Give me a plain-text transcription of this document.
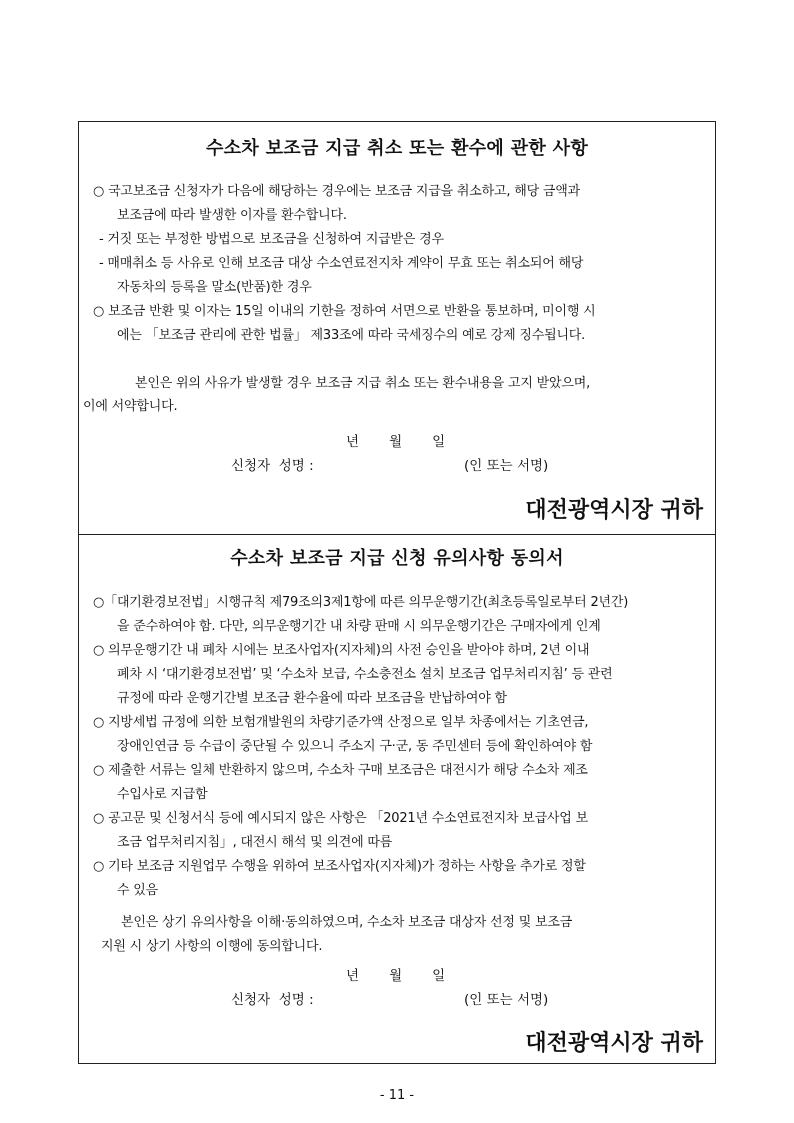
수소차 보조금 지급 취소 또는 환수에 관한 사항
○ 국고보조금 신청자가 다음에 해당하는 경우에는 보조금 지급을 취소하고, 해당 금액과
보조금에 따라 발생한 이자를 환수합니다.
- 거짓 또는 부정한 방법으로 보조금을 신청하여 지급받은 경우
- 매매취소 등 사유로 인해 보조금 대상 수소연료전지차 계약이 무효 또는 취소되어 해당
자동차의 등록을 말소(반품)한 경우
○ 보조금 반환 및 이자는 15일 이내의 기한을 정하여 서면으로 반환을 통보하며, 미이행 시
에는 「보조금 관리에 관한 법률」 제33조에 따라 국세징수의 예로 강제 징수됩니다.
본인은 위의 사유가 발생할 경우 보조금 지급 취소 또는 환수내용을 고지 받았으며,
이에 서약합니다.
년       월       일
신청자  성명 :	(인 또는 서명)
대전광역시장 귀하
수소차 보조금 지급 신청 유의사항 동의서
○「대기환경보전법」시행규칙 제79조의3제1항에 따른 의무운행기간(최초등록일로부터 2년간)
을 준수하여야 함. 다만, 의무운행기간 내 차량 판매 시 의무운행기간은 구매자에게 인계
○ 의무운행기간 내 폐차 시에는 보조사업자(지자체)의 사전 승인을 받아야 하며, 2년 이내
폐차 시 ‘대기환경보전법’ 및 ‘수소차 보급, 수소충전소 설치 보조금 업무처리지침’ 등 관련
규정에 따라 운행기간별 보조금 환수율에 따라 보조금을 반납하여야 함
○ 지방세법 규정에 의한 보험개발원의 차량기준가액 산정으로 일부 차종에서는 기초연금,
장애인연금 등 수급이 중단될 수 있으니 주소지 구·군, 동 주민센터 등에 확인하여야 함
○ 제출한 서류는 일체 반환하지 않으며, 수소차 구매 보조금은 대전시가 해당 수소차 제조
수입사로 지급함
○ 공고문 및 신청서식 등에 예시되지 않은 사항은 「2021년 수소연료전지차 보급사업 보
조금 업무처리지침」, 대전시 해석 및 의견에 따름
○ 기타 보조금 지원업무 수행을 위하여 보조사업자(지자체)가 정하는 사항을 추가로 정할
수 있음
본인은 상기 유의사항을 이해·동의하였으며, 수소차 보조금 대상자 선정 및 보조금
지원 시 상기 사항의 이행에 동의합니다.
년       월       일
신청자  성명 :	(인 또는 서명)
대전광역시장 귀하
- 11 -
